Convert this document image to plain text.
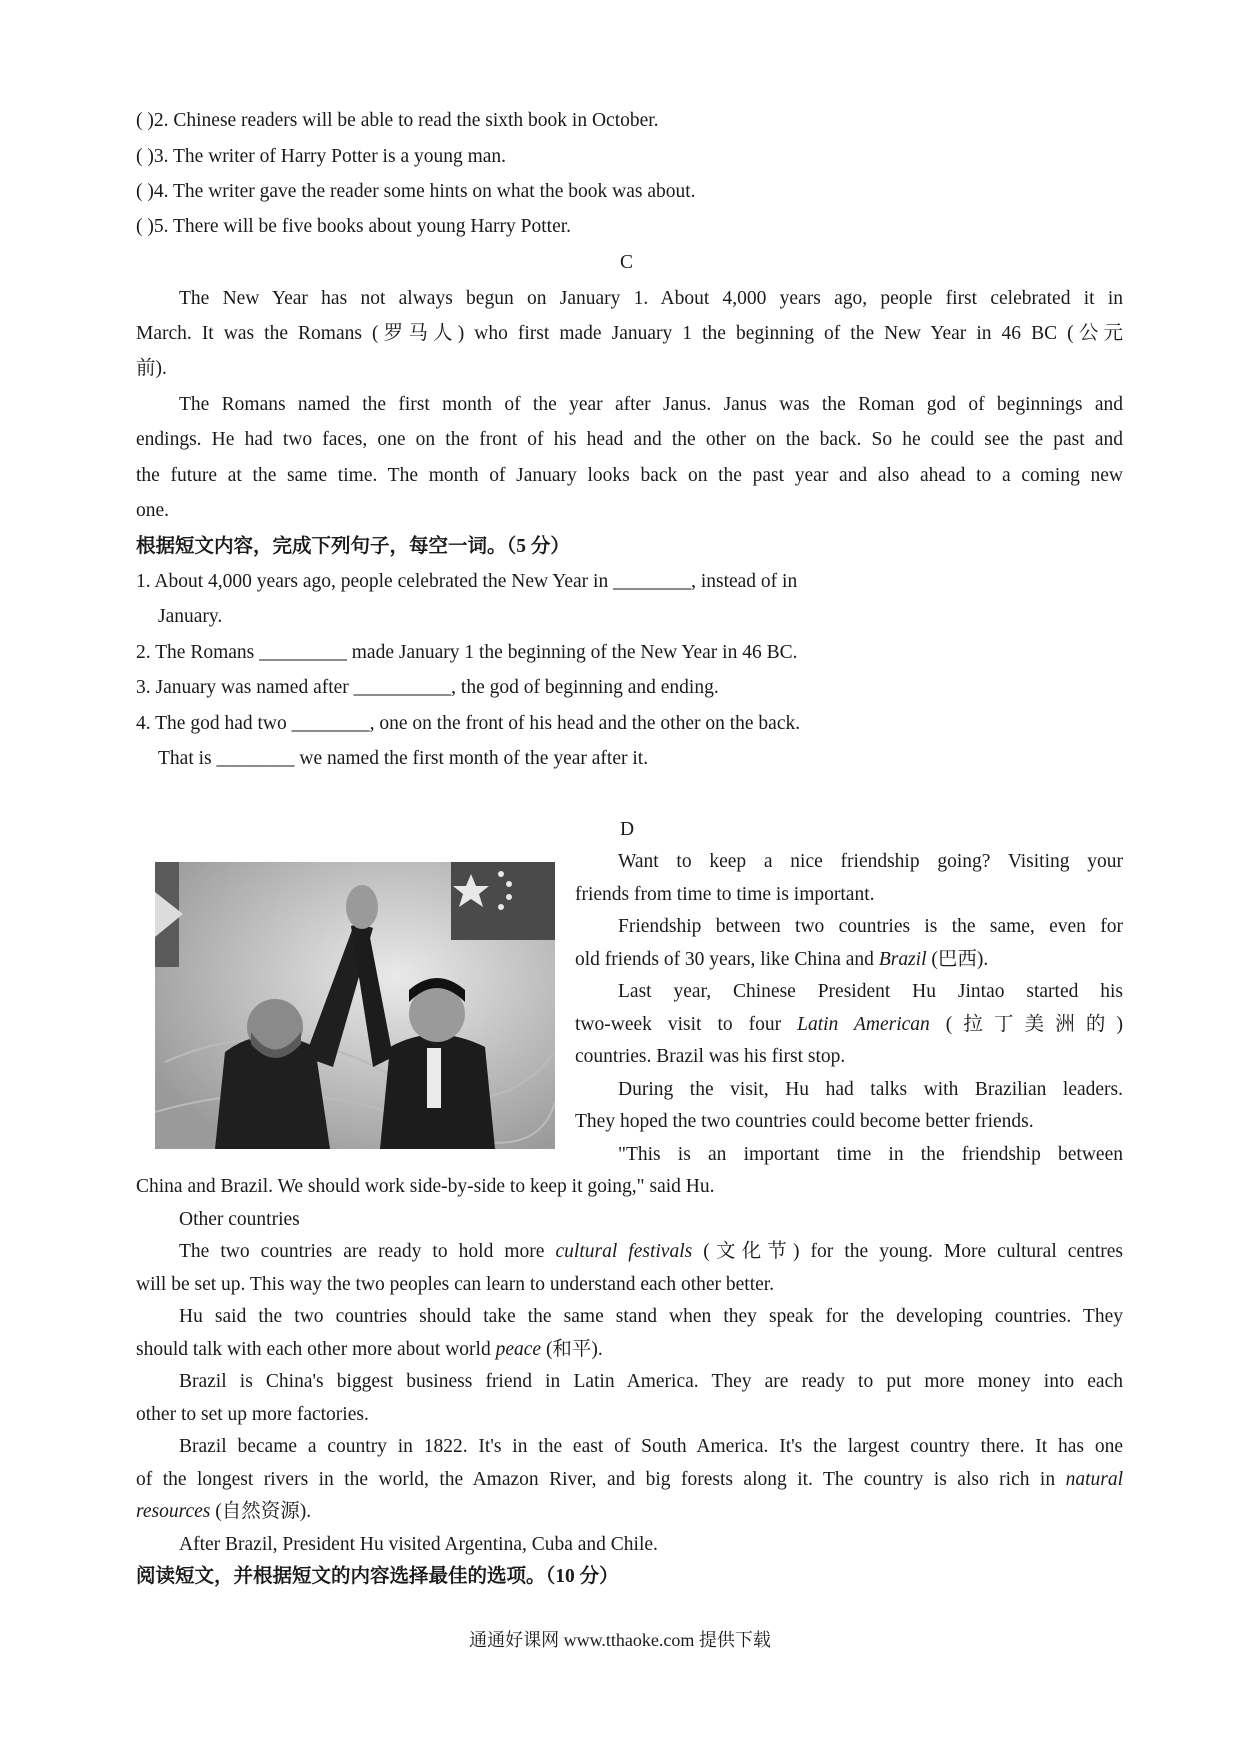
( )2. Chinese readers will be able to read the sixth book in October.
( )3. The writer of Harry Potter is a young man.
( )4. The writer gave the reader some hints on what the book was about.
( )5. There will be five books about young Harry Potter.
C
The New Year has not always begun on January 1. About 4,000 years ago, people first celebrated it in
March. It was the Romans (罗马人) who first made January 1 the beginning of the New Year in 46 BC (公元
前).
The Romans named the first month of the year after Janus. Janus was the Roman god of beginnings and
endings. He had two faces, one on the front of his head and the other on the back. So he could see the past and
the future at the same time. The month of January looks back on the past year and also ahead to a coming new
one.
根据短文内容，完成下列句子，每空一词。（5 分）
1. About 4,000 years ago, people celebrated the New Year in ________, instead of in
January.
2. The Romans _________ made January 1 the beginning of the New Year in 46 BC.
3. January was named after __________, the god of beginning and ending.
4. The god had two ________, one on the front of his head and the other on the back.
That is ________ we named the first month of the year after it.
D
Want to keep a nice friendship going? Visiting your
friends from time to time is important.
Friendship between two countries is the same, even for
old friends of 30 years, like China and Brazil (巴西).
Last year, Chinese President Hu Jintao started his
two-week visit to four Latin American (拉丁美洲的)
countries. Brazil was his first stop.
During the visit, Hu had talks with Brazilian leaders.
They hoped the two countries could become better friends.
"This is an important time in the friendship between
China and Brazil. We should work side-by-side to keep it going," said Hu.
Other countries
The two countries are ready to hold more cultural festivals (文化节) for the young. More cultural centres
will be set up. This way the two peoples can learn to understand each other better.
Hu said the two countries should take the same stand when they speak for the developing countries. They
should talk with each other more about world peace (和平).
Brazil is China's biggest business friend in Latin America. They are ready to put more money into each
other to set up more factories.
Brazil became a country in 1822. It's in the east of South America. It's the largest country there. It has one
of the longest rivers in the world, the Amazon River, and big forests along it. The country is also rich in natural
resources (自然资源).
After Brazil, President Hu visited Argentina, Cuba and Chile.
阅读短文，并根据短文的内容选择最佳的选项。（10 分）
通通好课网 www.tthaoke.com 提供下载
